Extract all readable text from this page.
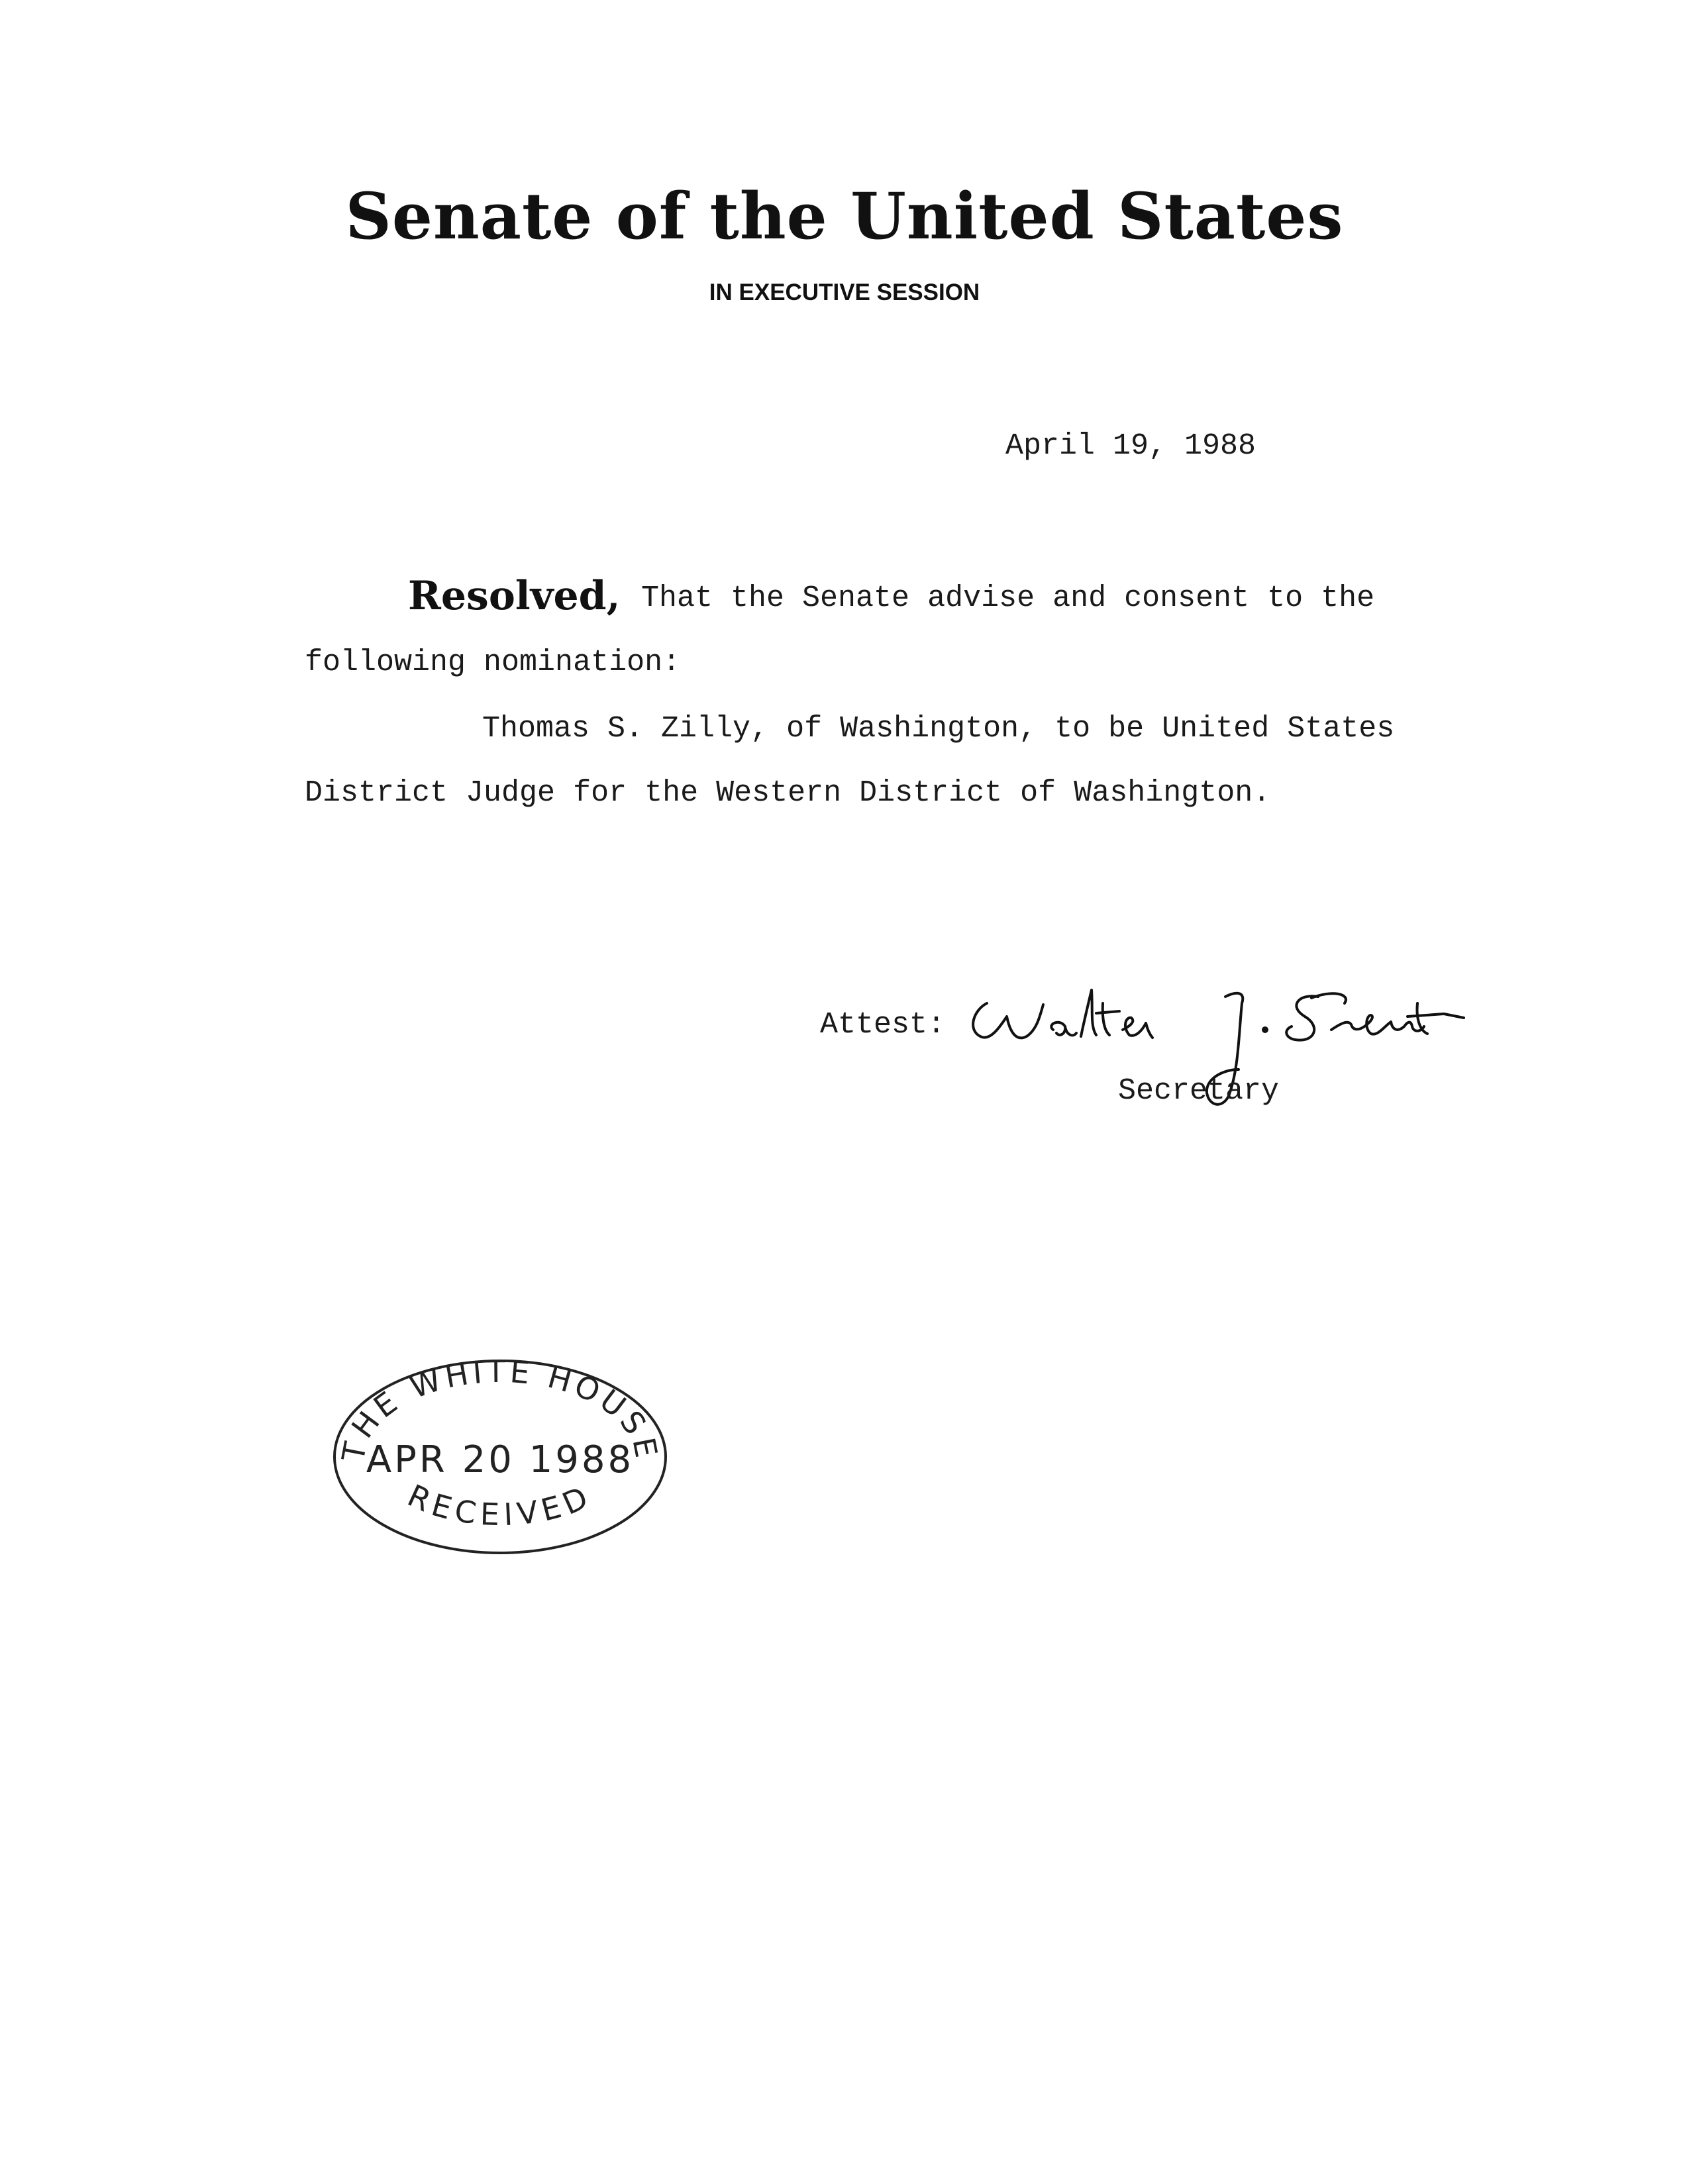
Senate of the United States
IN EXECUTIVE SESSION
April 19, 1988
Resolved, That the Senate advise and consent to the
following nomination:
Thomas S. Zilly, of Washington, to be United States
District Judge for the Western District of Washington.
Attest:
Secretary
THE WHITE HOUSE
APR 20 1988
RECEIVED
